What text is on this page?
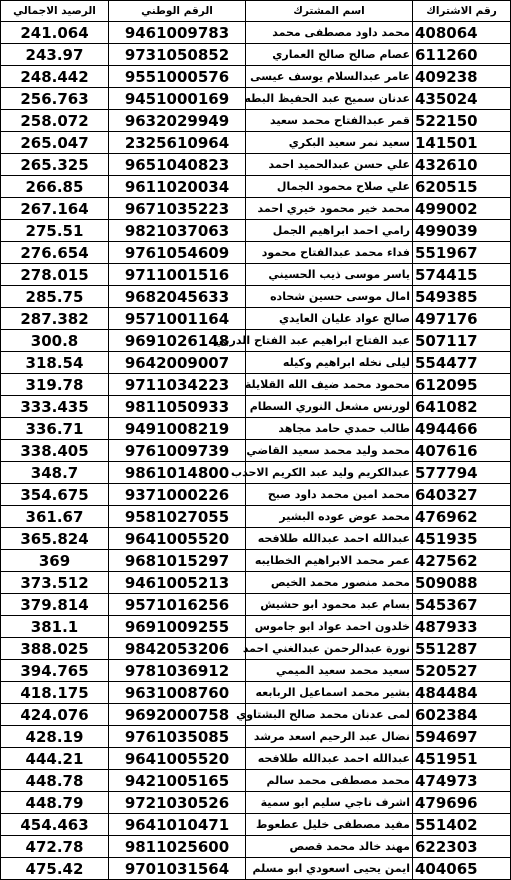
الرصيد الاجمالي	الرقم الوطني	اسم المشترك	رقم الاشتراك
241.064	9461009783	محمد داود مصطفى محمد	408064
243.97	9731050852	عصام صالح صالح العماري	611260
248.442	9551000576	عامر عبدالسلام يوسف عيسى	409238
256.763	9451000169	عدنان سميح عبد الحفيظ البطه	435024
258.072	9632029949	قمر عبدالفتاح محمد سعيد	522150
265.047	2325610964	سعيد نمر سعيد البكري	141501
265.325	9651040823	علي حسن عبدالحميد احمد	432610
266.85	9611020034	علي صلاح محمود الجمال	620515
267.164	9671035223	محمد خير محمود خيري احمد	499002
275.51	9821037063	رامي احمد ابراهيم الجمل	499039
276.654	9761054609	فداء محمد عبدالفتاح محمود	551967
278.015	9711001516	ياسر موسى ذيب الحسيني	574415
285.75	9682045633	امال موسى حسين شحاده	549385
287.382	9571001164	صالح عواد عليان العايدي	497176
300.8	9691026148	عبد الفتاح ابراهيم عبد الفتاح الدربي	507117
318.54	9642009007	ليلى نخله ابراهيم وكيله	554477
319.78	9711034223	محمود محمد ضيف الله القلايلة	612095
333.435	9811050933	لورنس مشعل النوري السطام	641082
336.71	9491008219	طالب حمدي حامد مجاهد	494466
338.405	9761009739	محمد وليد محمد سعيد القاضي	407616
348.7	9861014800	عبدالكريم وليد عبد الكريم الاحدب	577794
354.675	9371000226	محمد امين محمد داود صبح	640327
361.67	9581027055	محمد عوض عوده البشير	476962
365.824	9641005520	عبدالله احمد عبدالله طلافحه	451935
369	9681015297	عمر محمد الابراهيم الخطايبه	427562
373.512	9461005213	محمد منصور محمد الخيص	509088
379.814	9571016256	بسام عبد محمود ابو حشيش	545367
381.1	9691009255	خلدون احمد عواد ابو جاموس	487933
388.025	9842053206	نورة عبدالرحمن عبدالغني احمد	551287
394.765	9781036912	سعيد محمد سعيد الميمي	520527
418.175	9631008760	بشير محمد اسماعيل الربابعه	484484
424.076	9692000758	لمى عدنان محمد صالح البشتاوي	602384
428.19	9761035085	نضال عبد الرحيم اسعد مرشد	594697
444.21	9641005520	عبدالله احمد عبدالله طلافحه	451951
448.78	9421005165	محمد مصطفى محمد سالم	474973
448.79	9721030526	اشرف ناجي سليم ابو سمية	479696
454.463	9641010471	مفيد مصطفى خليل عطعوط	551402
472.78	9811025600	مهند خالد محمد قصص	622303
475.42	9701031564	ايمن يحيى اسعودي ابو مسلم	404065
